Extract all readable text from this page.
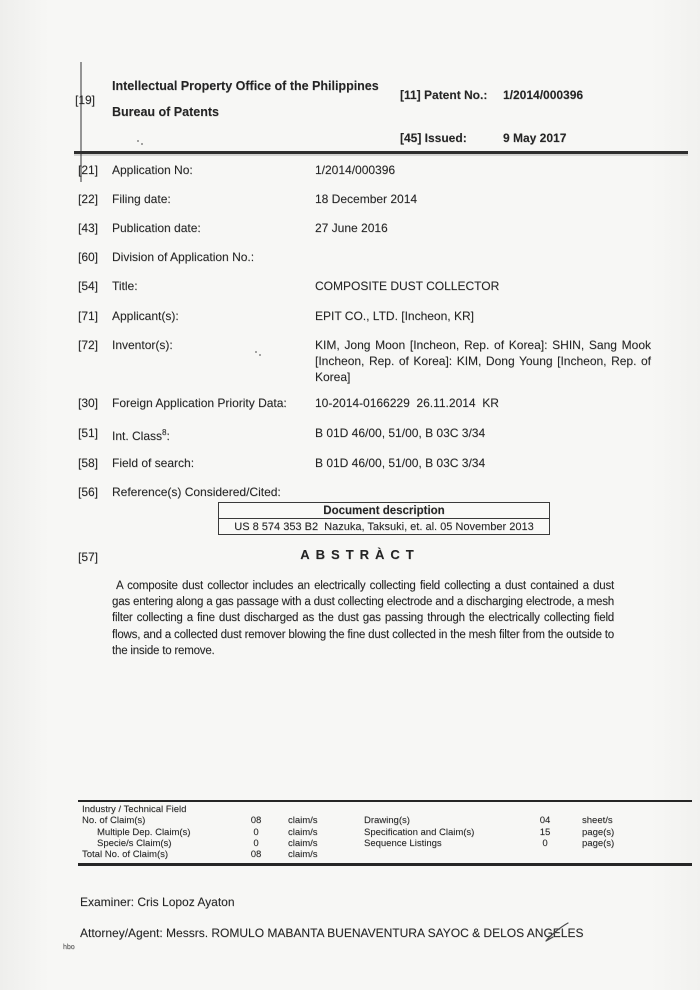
[19]
Intellectual Property Office of the Philippines
Bureau of Patents
[11] Patent No.: 1/2014/000396
[45] Issued:	9 May 2017
[21] Application No:	1/2014/000396
[22] Filing date:	18 December 2014
[43] Publication date:	27 June 2016
[60] Division of Application No.:
[54] Title:	COMPOSITE DUST COLLECTOR
[71] Applicant(s):	EPIT CO., LTD. [Incheon, KR]
[72] Inventor(s):	KIM, Jong Moon [Incheon, Rep. of Korea]: SHIN, Sang Mook [Incheon, Rep. of Korea]: KIM, Dong Young [Incheon, Rep. of Korea]
[30] Foreign Application Priority Data: 10-2014-0166229  26.11.2014  KR
[51] Int. Class$^8$:	B 01D 46/00, 51/00, B 03C 3/34
[58] Field of search:	B 01D 46/00, 51/00, B 03C 3/34
[56] Reference(s) Considered/Cited:
Document description
US 8 574 353 B2  Nazuka, Taksuki, et. al. 05 November 2013
[57]	ABSTRÀCT
A composite dust collector includes an electrically collecting field collecting a dust contained a dust gas entering along a gas passage with a dust collecting electrode and a discharging electrode, a mesh filter collecting a fine dust discharged as the dust gas passing through the electrically collecting field flows, and a collected dust remover blowing the fine dust collected in the mesh filter from the outside to the inside to remove.
Industry / Technical Field
No. of Claim(s)	08	claim/s	Drawing(s)	04	sheet/s
Multiple Dep. Claim(s)	0	claim/s	Specification and Claim(s)	15	page(s)
Specie/s Claim(s)	0	claim/s	Sequence Listings	0	page(s)
Total No. of Claim(s)	08	claim/s
Examiner: Cris Lopoz Ayaton
Attorney/Agent: Messrs. ROMULO MABANTA BUENAVENTURA SAYOC & DELOS ANGELES
hbo
